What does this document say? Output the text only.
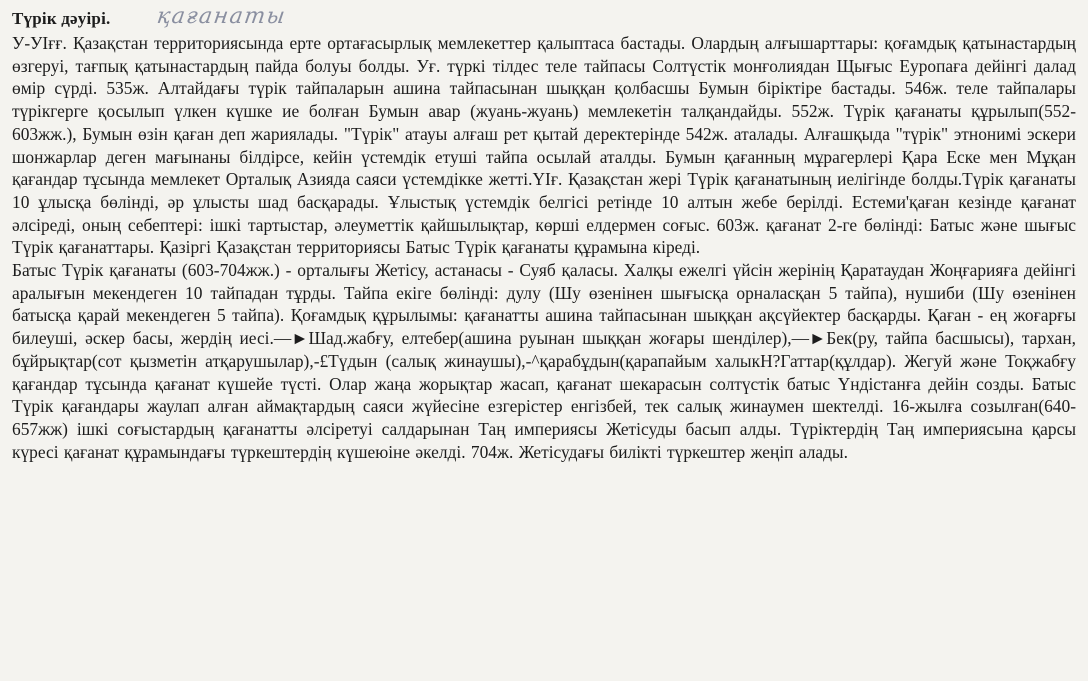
Түрік дәуірі. қағанаты

У-УІғғ. Қазақстан территориясында ерте ортағасырлық мемлекеттер қалыптаса бастады. Олардың алғышарттары: қоғамдық қатынастардың өзгеруі, тағпық қатынастардың пайда болуы болды. Уғ. түркі тілдес теле тайпасы Солтүстік монғолиядан Щығыс Еуропаға дейінгі далад өмір сүрді. 535ж. Алтайдағы түрік тайпаларын ашина тайпасынан шыққан қолбасшы Бумын біріктіре бастады. 546ж. теле тайпалары түрікгерге қосылып үлкен күшке ие болған Бумын авар (жуань-жуань) мемлекетін талқандайды. 552ж. Түрік қағанаты құрылып(552-603жж.), Бумын өзін қаған деп жариялады. "Түрік" атауы алғаш рет қытай деректерінде 542ж. аталады. Алғашқыда "түрік" этнонимі эскери шонжарлар деген мағынаны білдірсе, кейін үстемдік етуші тайпа осылай аталды. Бумын қағанның мұрагерлері Қара Еске мен Мұқан қағандар тұсында мемлекет Орталық Азияда саяси үстемдікке жетті.ҮІғ. Қазақстан жері Түрік қағанатының иелігінде болды.Түрік қағанаты 10 ұлысқа бөлінді, әр ұлысты шад басқарады. Ұлыстық үстемдік белгісі ретінде 10 алтын жебе берілді. Естеми'қаған кезінде қағанат әлсіреді, оның себептері: ішкі тартыстар, әлеуметтік қайшылықтар, көрші елдермен соғыс. 603ж. қағанат 2-ге бөлінді: Батыс және шығыс Түрік қағанаттары. Қазіргі Қазақстан территориясы Батыс Түрік қағанаты құрамына кіреді.

Батыс Түрік қағанаты (603-704жж.) - орталығы Жетісу, астанасы - Суяб қаласы. Халқы ежелгі үйсін жерінің Қаратаудан Жоңғарияға дейінгі аралығын мекендеген 10 тайпадан тұрды. Тайпа екіге бөлінді: дулу (Шу өзенінен шығысқа орналасқан 5 тайпа), нушиби (Шу өзенінен батысқа қарай мекендеген 5 тайпа). Қоғамдық құрылымы: қағанатты ашина тайпасынан шыққан ақсүйектер басқарды. Қаған - ең жоғарғы билеуші, әскер басы, жердің иесі.—►Шад.жабғу, елтебер(ашина руынан шыққан жоғары шенділер),—►Бек(ру, тайпа басшысы), тархан, бұйрықтар(сот қызметін атқарушылар),-£Түдын (салық жинаушы),-^қарабұдын(қарапайым халыкН?Гаттар(құлдар). Жегуй және Тоқжабғу қағандар тұсында қағанат күшейе түсті. Олар жаңа жорықтар жасап, қағанат шекарасын солтүстік батыс Үндістанға дейін созды. Батыс Түрік қағандары жаулап алған аймақтардың саяси жүйесіне езгерістер енгізбей, тек салық жинаумен шектелді. 16-жылға созылған(640-657жж) ішкі соғыстардың қағанатты әлсіретуі салдарынан Таң империясы Жетісуды басып алды. Түріктердің Таң империясына қарсы күресі қағанат құрамындағы түркештердің күшеюіне әкелді. 704ж. Жетісудағы билікті түркештер жеңіп алады.
